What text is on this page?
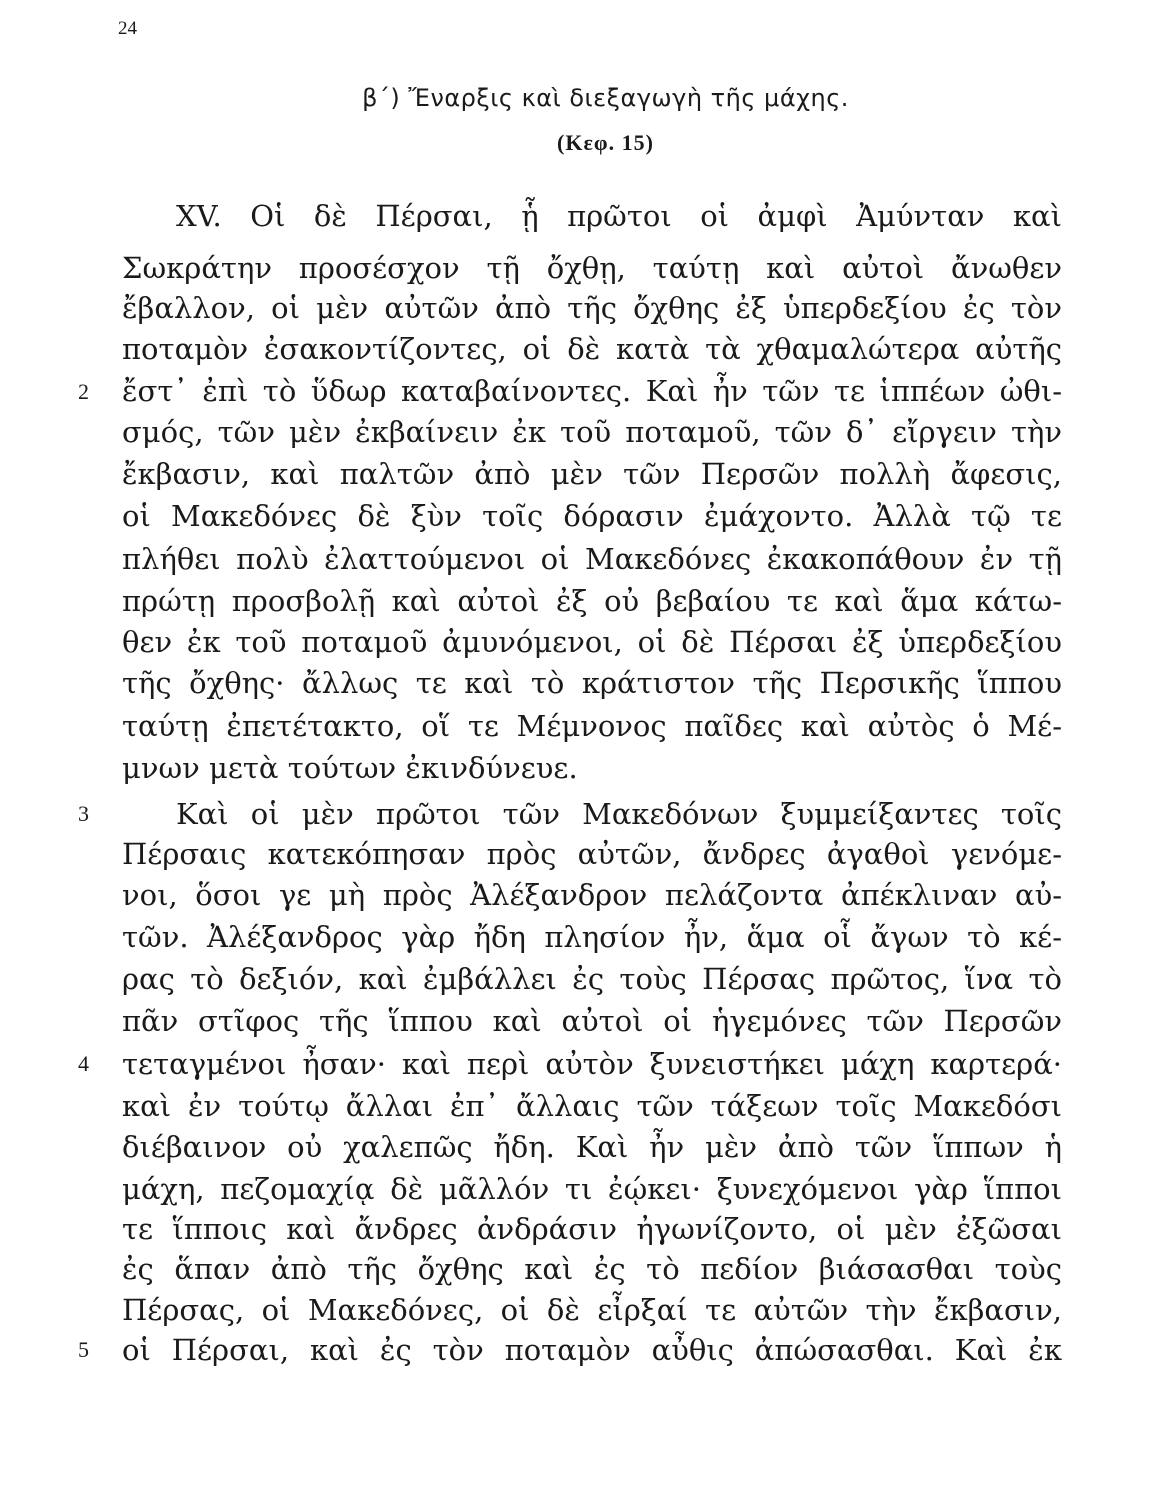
24
β΄) Ἔναρξις καὶ διεξαγωγὴ τῆς μάχης.
(Κεφ. 15)
2
3
4
5
XV. Οἱ δὲ Πέρσαι, ᾗ πρῶτοι οἱ ἀμφὶ Ἀμύνταν καὶ
Σωκράτην προσέσχον τῇ ὄχθῃ, ταύτῃ καὶ αὐτοὶ ἄνωθεν
ἔβαλλον, οἱ μὲν αὐτῶν ἀπὸ τῆς ὄχθης ἐξ ὑπερδεξίου ἐς τὸν
ποταμὸν ἐσακοντίζοντες, οἱ δὲ κατὰ τὰ χθαμαλώτερα αὐτῆς
ἔστ᾽ ἐπὶ τὸ ὕδωρ καταβαίνοντες. Καὶ ἦν τῶν τε ἱππέων ὠθι-
σμός, τῶν μὲν ἐκβαίνειν ἐκ τοῦ ποταμοῦ, τῶν δ᾽ εἴργειν τὴν
ἔκβασιν, καὶ παλτῶν ἀπὸ μὲν τῶν Περσῶν πολλὴ ἄφεσις,
οἱ Μακεδόνες δὲ ξὺν τοῖς δόρασιν ἐμάχοντο. Ἀλλὰ τῷ τε
πλήθει πολὺ ἐλαττούμενοι οἱ Μακεδόνες ἐκακοπάθουν ἐν τῇ
πρώτῃ προσβολῇ καὶ αὐτοὶ ἐξ οὐ βεβαίου τε καὶ ἅμα κάτω-
θεν ἐκ τοῦ ποταμοῦ ἀμυνόμενοι, οἱ δὲ Πέρσαι ἐξ ὑπερδεξίου
τῆς ὄχθης· ἄλλως τε καὶ τὸ κράτιστον τῆς Περσικῆς ἵππου
ταύτῃ ἐπετέτακτο, οἵ τε Μέμνονος παῖδες καὶ αὐτὸς ὁ Μέ-
μνων μετὰ τούτων ἐκινδύνευε.
Καὶ οἱ μὲν πρῶτοι τῶν Μακεδόνων ξυμμείξαντες τοῖς
Πέρσαις κατεκόπησαν πρὸς αὐτῶν, ἄνδρες ἀγαθοὶ γενόμε-
νοι, ὅσοι γε μὴ πρὸς Ἀλέξανδρον πελάζοντα ἀπέκλιναν αὐ-
τῶν. Ἀλέξανδρος γὰρ ἤδη πλησίον ἦν, ἅμα οἷ ἄγων τὸ κέ-
ρας τὸ δεξιόν, καὶ ἐμβάλλει ἐς τοὺς Πέρσας πρῶτος, ἵνα τὸ
πᾶν στῖφος τῆς ἵππου καὶ αὐτοὶ οἱ ἡγεμόνες τῶν Περσῶν
τεταγμένοι ἦσαν· καὶ περὶ αὐτὸν ξυνειστήκει μάχη καρτερά·
καὶ ἐν τούτῳ ἄλλαι ἐπ᾽ ἄλλαις τῶν τάξεων τοῖς Μακεδόσι
διέβαινον οὐ χαλεπῶς ἤδη. Καὶ ἦν μὲν ἀπὸ τῶν ἵππων ἡ
μάχη, πεζομαχίᾳ δὲ μᾶλλόν τι ἐῴκει· ξυνεχόμενοι γὰρ ἵπποι
τε ἵπποις καὶ ἄνδρες ἀνδράσιν ἠγωνίζοντο, οἱ μὲν ἐξῶσαι
ἐς ἅπαν ἀπὸ τῆς ὄχθης καὶ ἐς τὸ πεδίον βιάσασθαι τοὺς
Πέρσας, οἱ Μακεδόνες, οἱ δὲ εἶρξαί τε αὐτῶν τὴν ἔκβασιν,
οἱ Πέρσαι, καὶ ἐς τὸν ποταμὸν αὖθις ἀπώσασθαι. Καὶ ἐκ
